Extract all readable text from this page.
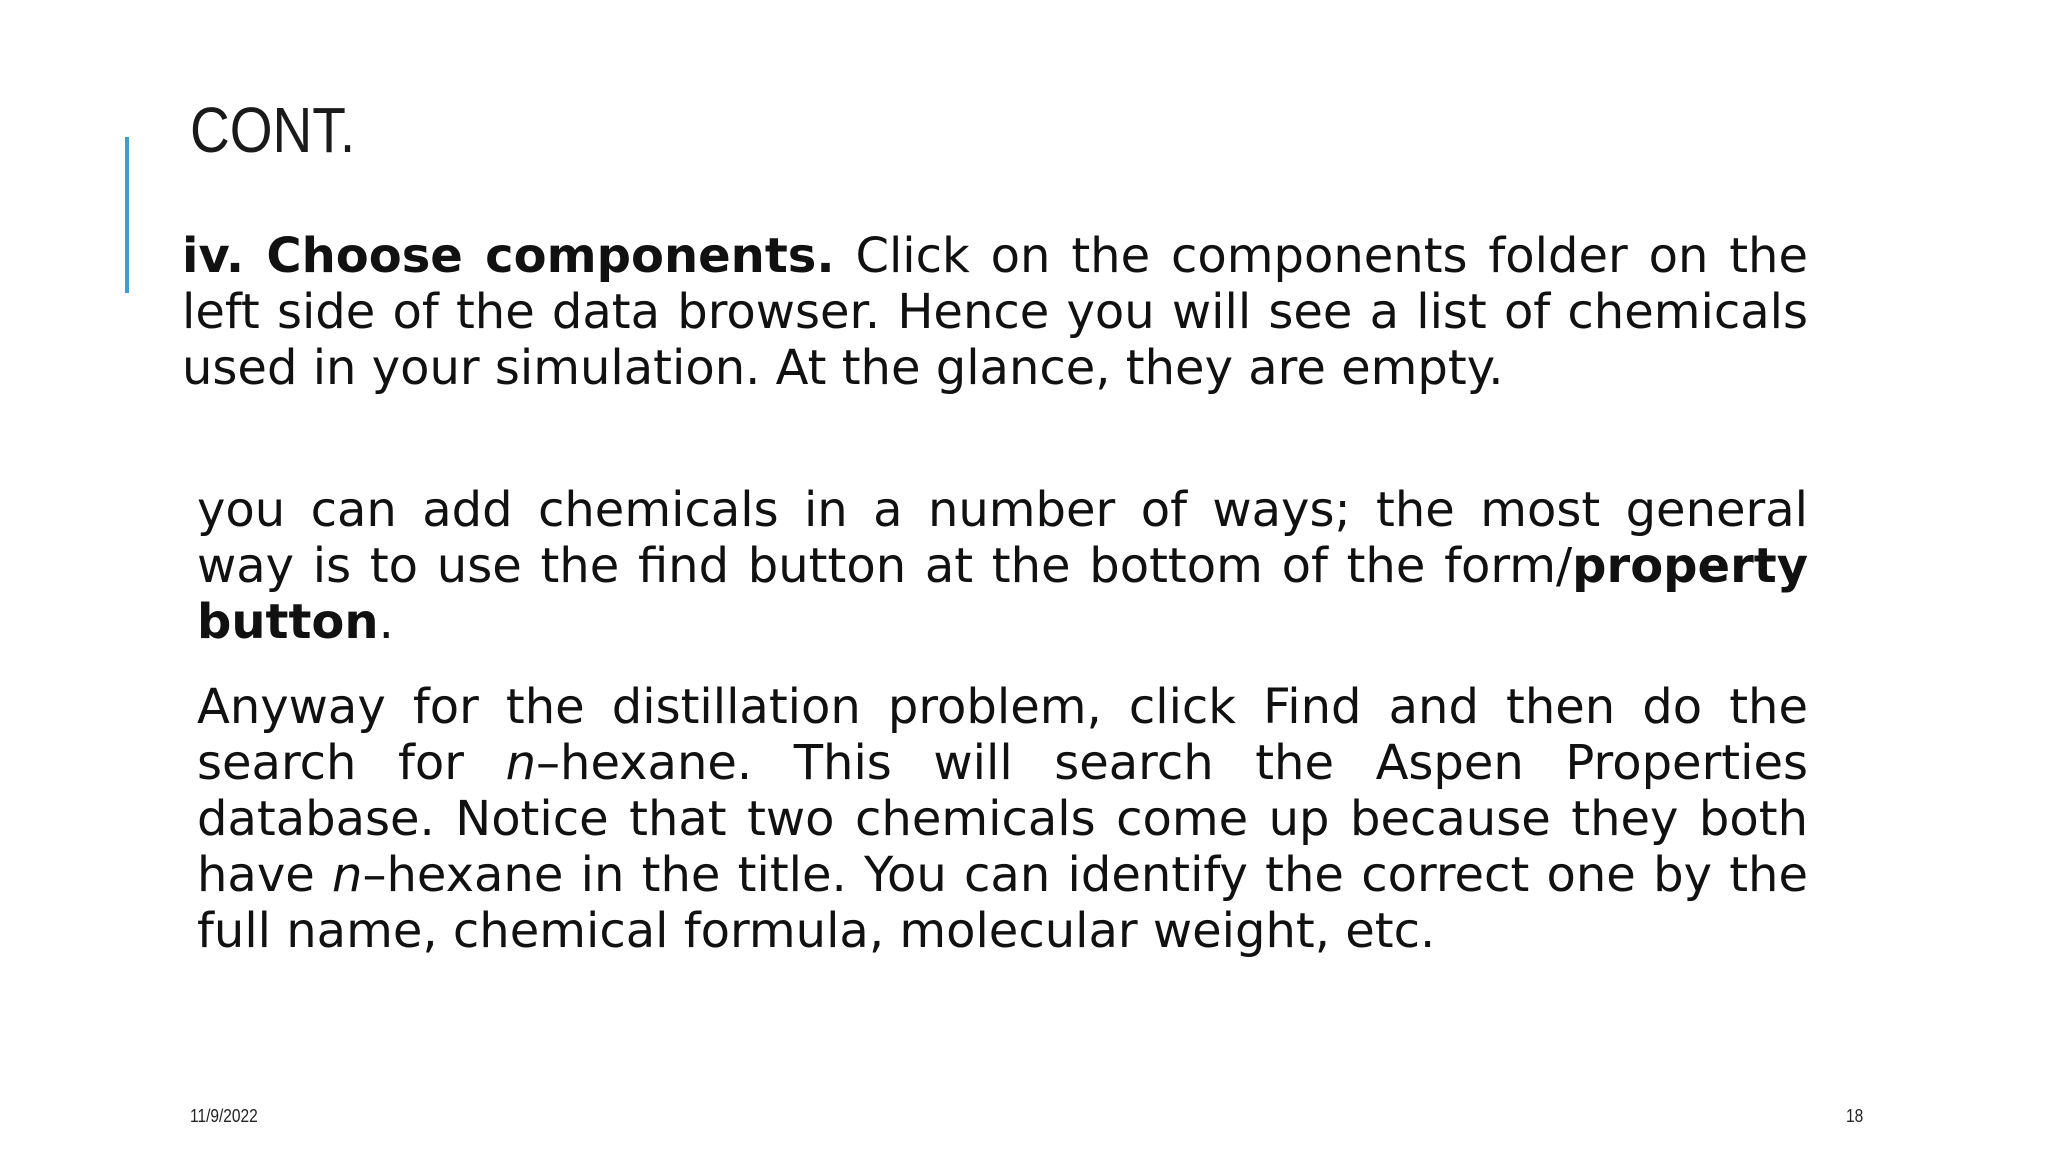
CONT.

iv. Choose components. Click on the components folder on the left side of the data browser. Hence you will see a list of chemicals used in your simulation. At the glance, they are empty.

you can add chemicals in a number of ways; the most general way is to use the find button at the bottom of the form/property button.

Anyway for the distillation problem, click Find and then do the search for n–hexane. This will search the Aspen Properties database. Notice that two chemicals come up because they both have n–hexane in the title. You can identify the correct one by the full name, chemical formula, molecular weight, etc.

11/9/2022	18
